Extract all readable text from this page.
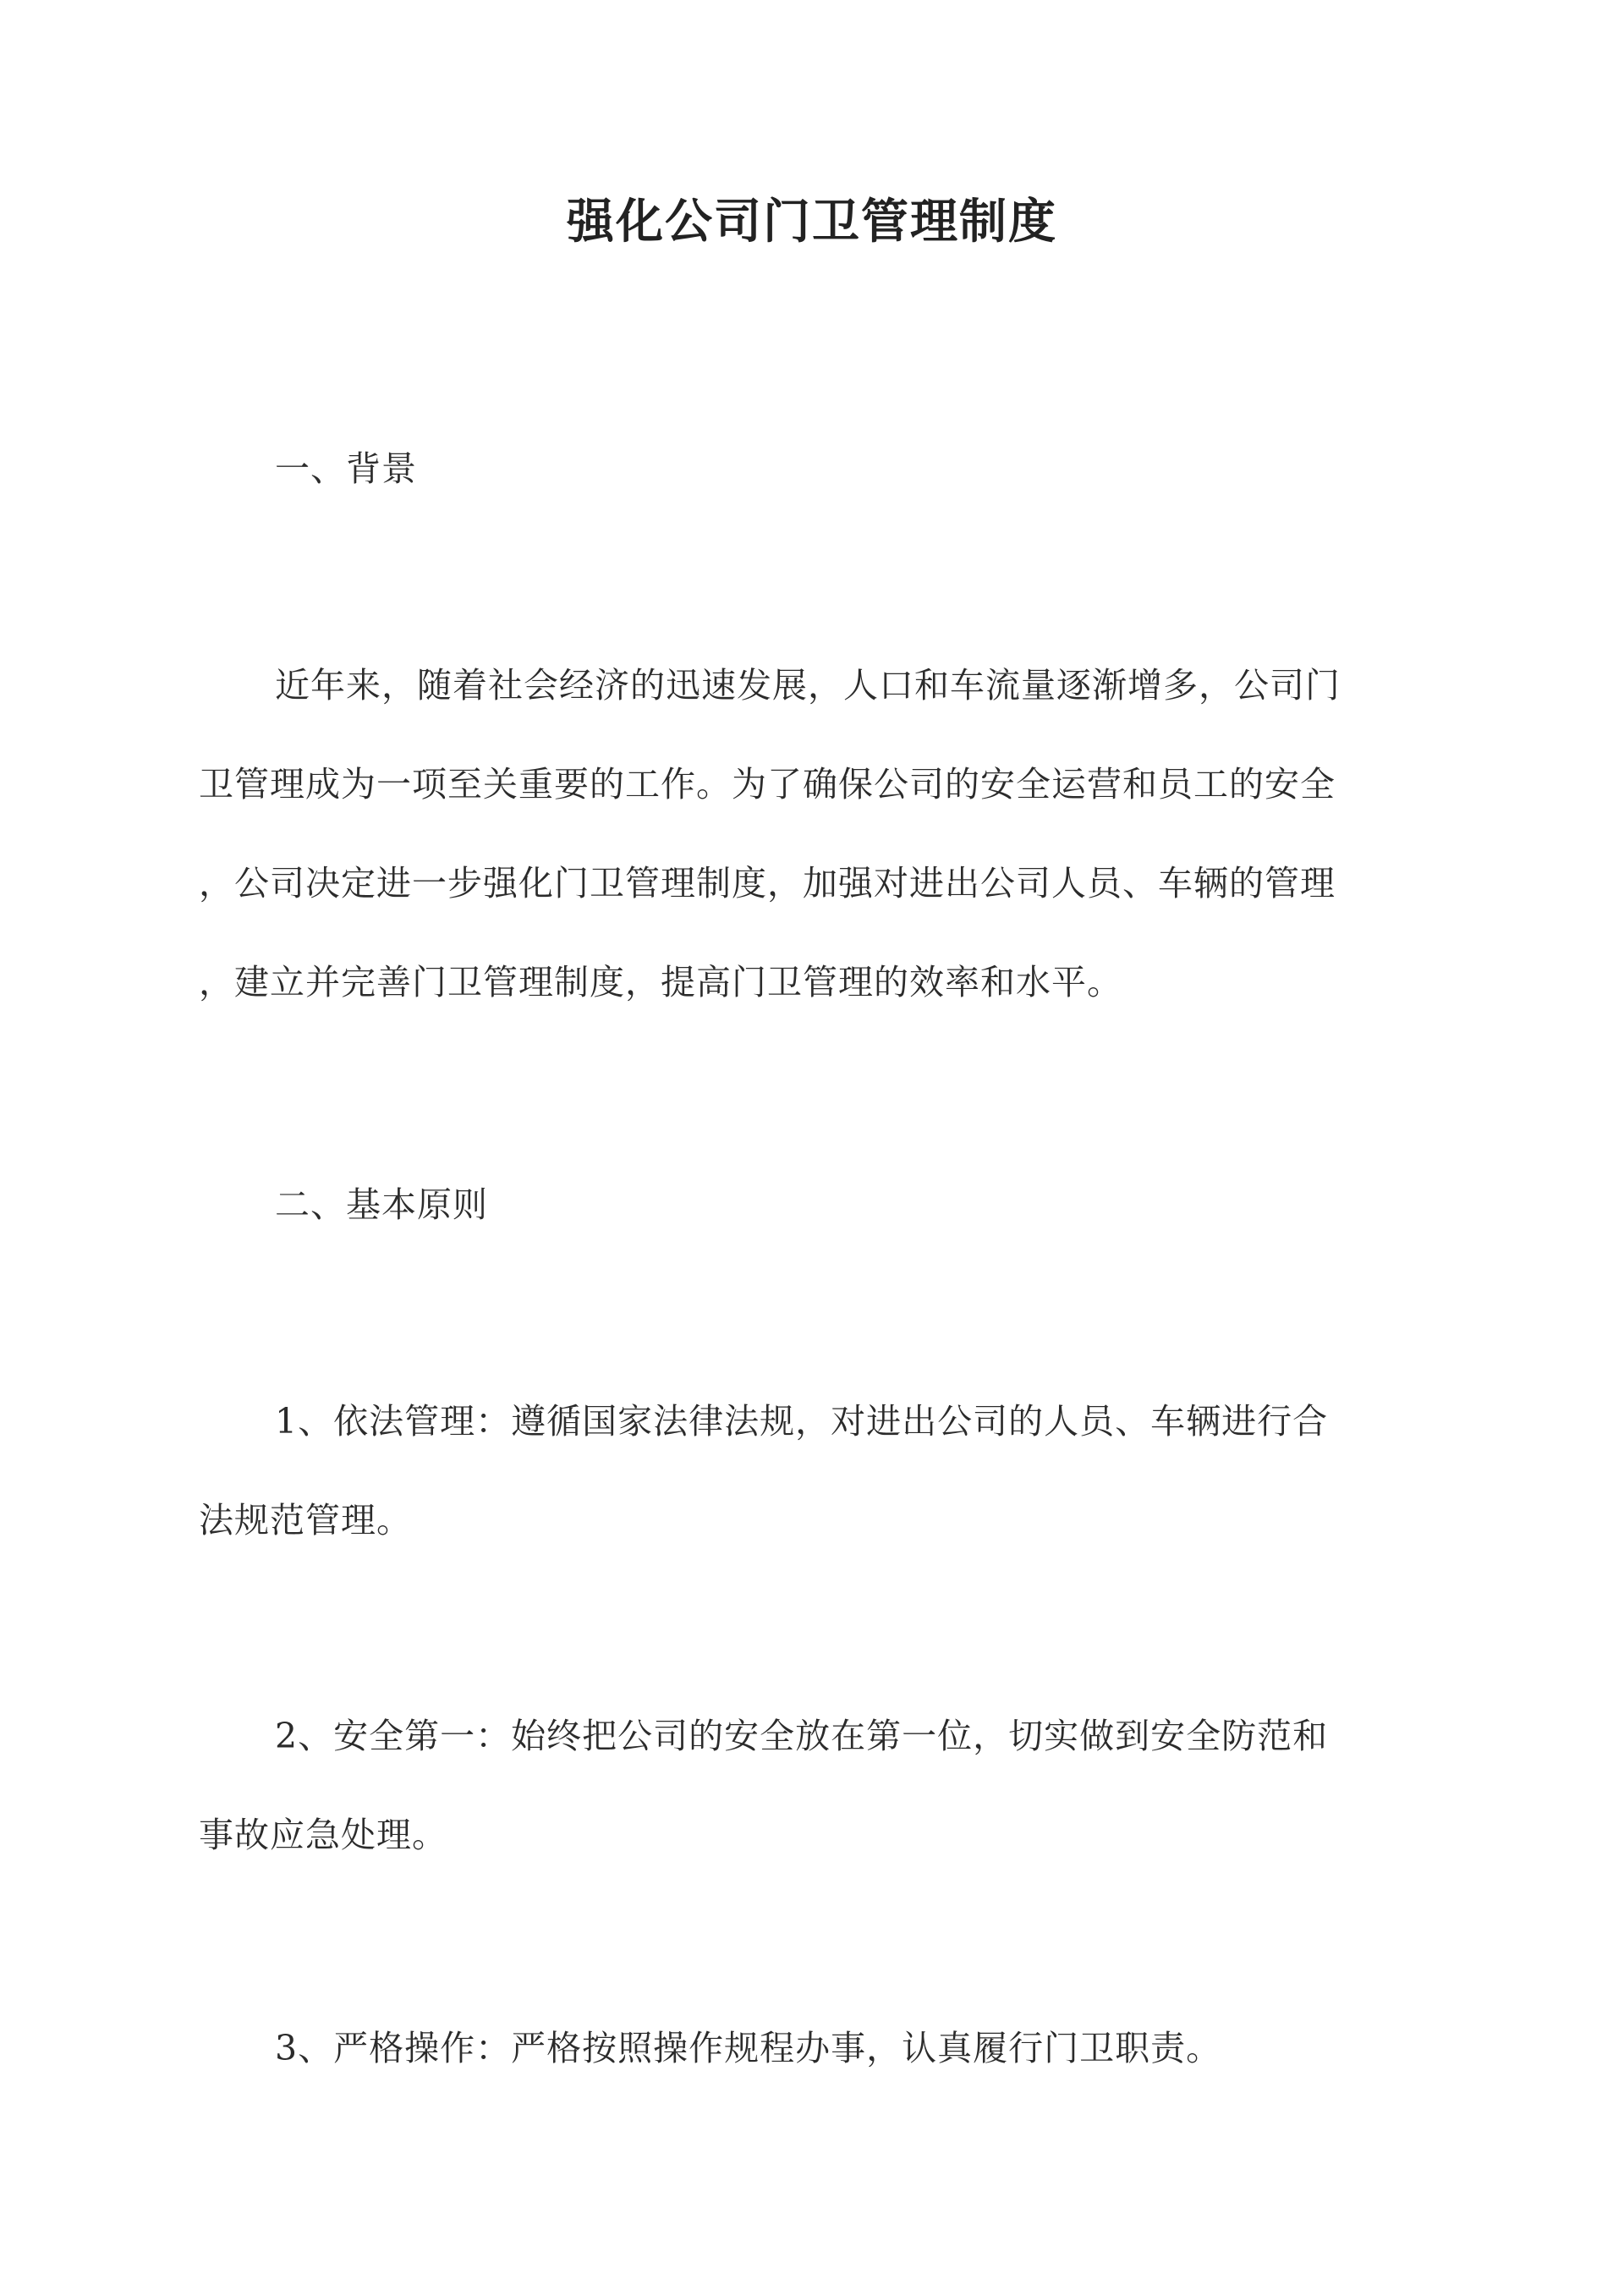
强化公司门卫管理制度
一、背景
近年来，随着社会经济的迅速发展，人口和车流量逐渐增多，公司门
卫管理成为一项至关重要的工作。为了确保公司的安全运营和员工的安全
，公司决定进一步强化门卫管理制度，加强对进出公司人员、车辆的管理
，建立并完善门卫管理制度，提高门卫管理的效率和水平。
二、基本原则
1、依法管理：遵循国家法律法规，对进出公司的人员、车辆进行合
法规范管理。
2、安全第一：始终把公司的安全放在第一位，切实做到安全防范和
事故应急处理。
3、严格操作：严格按照操作规程办事，认真履行门卫职责。
